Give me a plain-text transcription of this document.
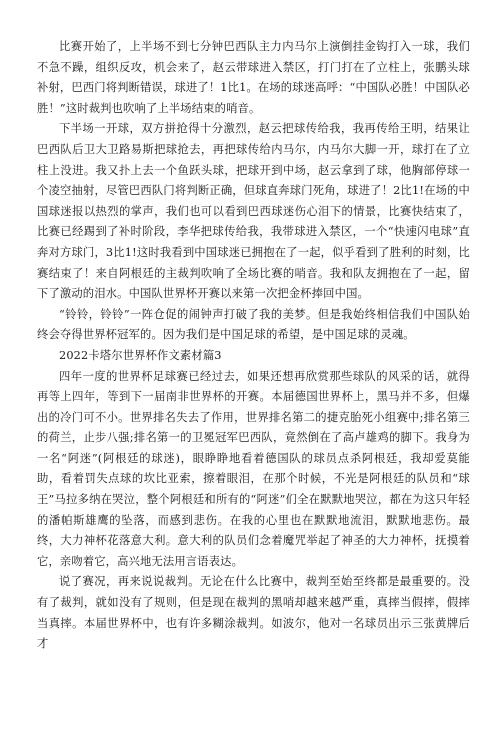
比赛开始了，上半场不到七分钟巴西队主力内马尔上演倒挂金钩打入一球，我们不急不躁，组织反攻，机会来了，赵云带球进入禁区，打门打在了立柱上，张鹏头球补射，巴西门将判断错误，球进了！1比1。在场的球迷高呼：“中国队必胜！中国队必胜！”这时裁判也吹响了上半场结束的哨音。

下半场一开球，双方拼抢得十分激烈，赵云把球传给我，我再传给王明，结果让巴西队后卫大卫路易斯把球抢去，再把球传给内马尔，内马尔大脚一开，球打在了立柱上没进。我又扑上去一个鱼跃头球，把球开到中场，赵云拿到了球，他胸部停球一个凌空抽射，尽管巴西队门将判断正确，但球直奔球门死角，球进了！2比1!在场的中国球迷报以热烈的掌声，我们也可以看到巴西球迷伤心泪下的情景，比赛快结束了，比赛已经踢到了补时阶段，李华把球传给我，我带球进入禁区，一个“快速闪电球”直奔对方球门，3比1!这时我看到中国球迷已拥抱在了一起，似乎看到了胜利的时刻，比赛结束了！来自阿根廷的主裁判吹响了全场比赛的哨音。我和队友拥抱在了一起，留下了激动的泪水。中国队世界杯开赛以来第一次把金杯捧回中国。

“铃铃，铃铃”一阵仓促的闹钟声打破了我的美梦。但是我始终相信我们中国队始终会夺得世界杯冠军的。因为我们是中国足球的希望，是中国足球的灵魂。

2022卡塔尔世界杯作文素材篇3

四年一度的世界杯足球赛已经过去，如果还想再欣赏那些球队的风采的话，就得再等上四年，等到下一届南非世界杯的开赛。本届德国世界杯上，黑马并不多，但爆出的冷门可不小。世界排名失去了作用，世界排名第二的捷克胎死小组赛中;排名第三的荷兰，止步八强;排名第一的卫冕冠军巴西队，竟然倒在了高卢雄鸡的脚下。我身为一名“阿迷”(阿根廷的球迷)，眼睁睁地看着德国队的球员点杀阿根廷，我却爱莫能助，看着罚失点球的坎比亚索，擦着眼泪，在那个时候，不光是阿根廷的队员和“球王”马拉多纳在哭泣，整个阿根廷和所有的“阿迷”们全在默默地哭泣，都在为这只年轻的潘帕斯雄鹰的坠落，而感到悲伤。在我的心里也在默默地流泪，默默地悲伤。最终，大力神杯花落意大利。意大利的队员们念着魔咒举起了神圣的大力神杯，抚摸着它，亲吻着它，高兴地无法用言语表达。

说了赛况，再来说说裁判。无论在什么比赛中，裁判至始至终都是最重要的。没有了裁判，就如没有了规则，但是现在裁判的黑哨却越来越严重，真摔当假摔，假摔当真摔。本届世界杯中，也有许多糊涂裁判。如波尔，他对一名球员出示三张黄牌后才
